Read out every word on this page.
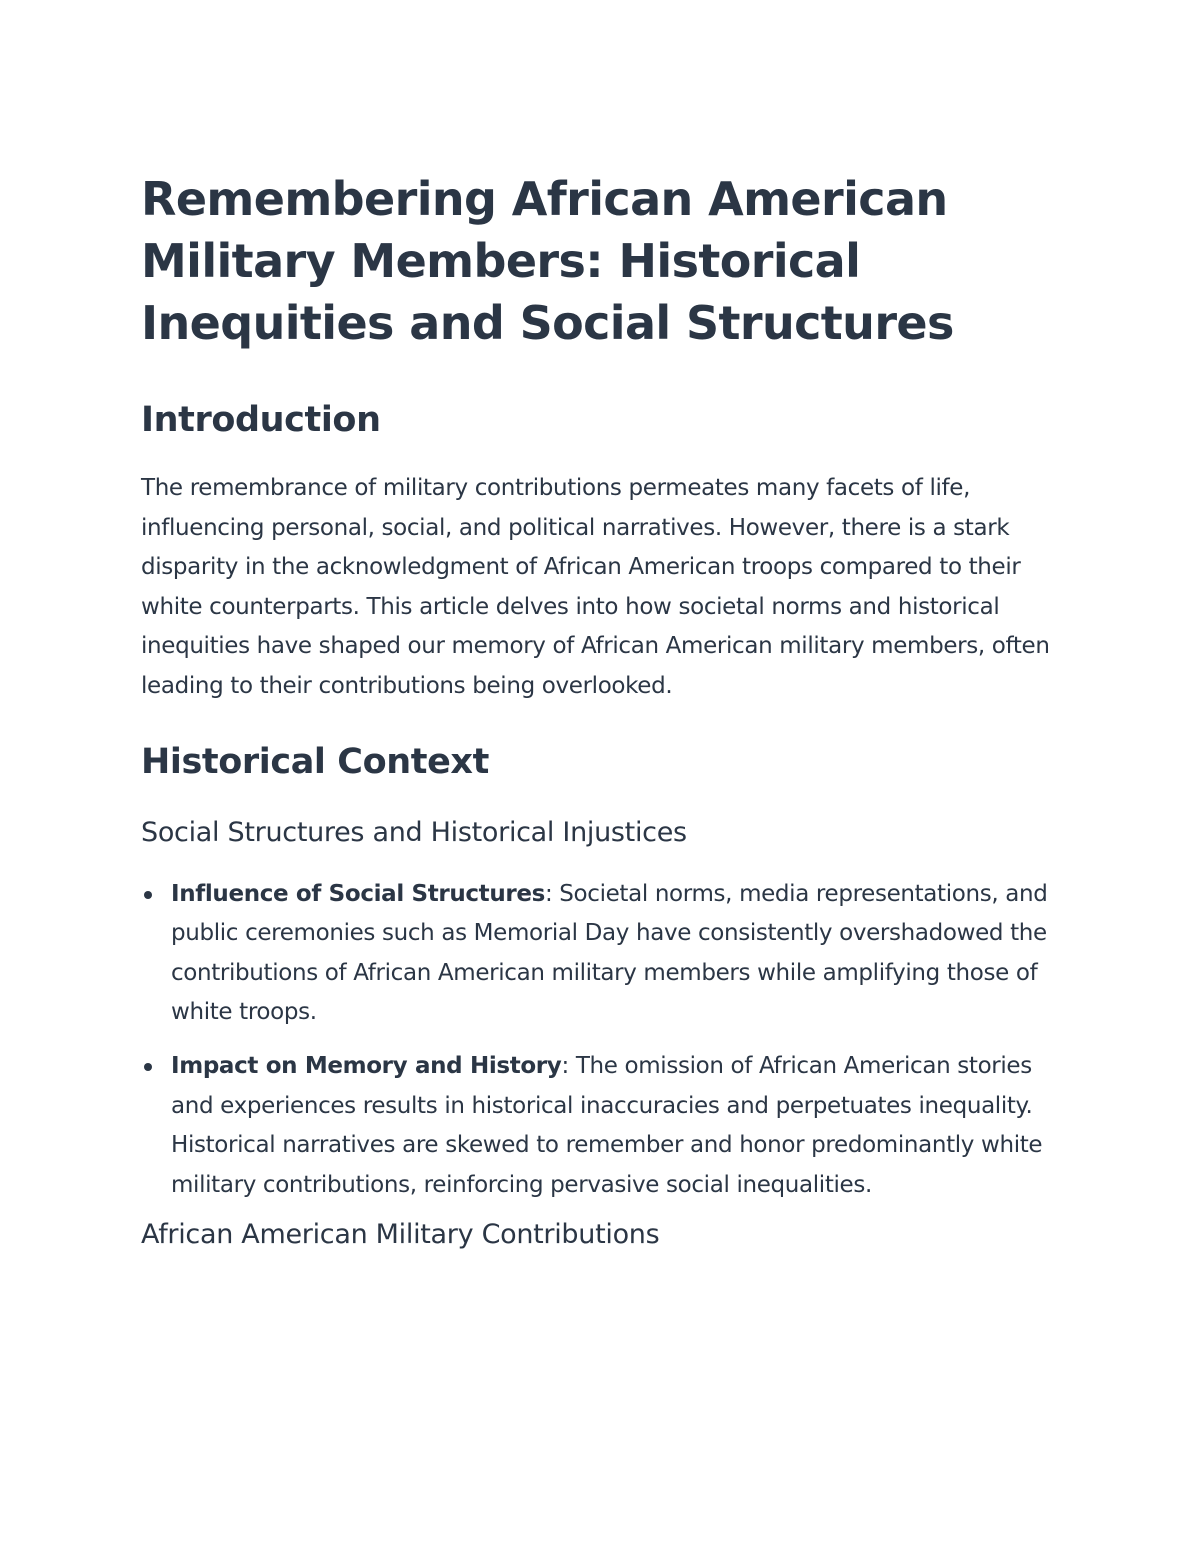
Remembering African American Military Members: Historical Inequities and Social Structures
Introduction

The remembrance of military contributions permeates many facets of life, influencing personal, social, and political narratives. However, there is a stark disparity in the acknowledgment of African American troops compared to their white counterparts. This article delves into how societal norms and historical inequities have shaped our memory of African American military members, often leading to their contributions being overlooked.

Historical Context
Social Structures and Historical Injustices
Influence of Social Structures: Societal norms, media representations, and public ceremonies such as Memorial Day have consistently overshadowed the contributions of African American military members while amplifying those of white troops.
Impact on Memory and History: The omission of African American stories and experiences results in historical inaccuracies and perpetuates inequality. Historical narratives are skewed to remember and honor predominantly white military contributions, reinforcing pervasive social inequalities.
African American Military Contributions
